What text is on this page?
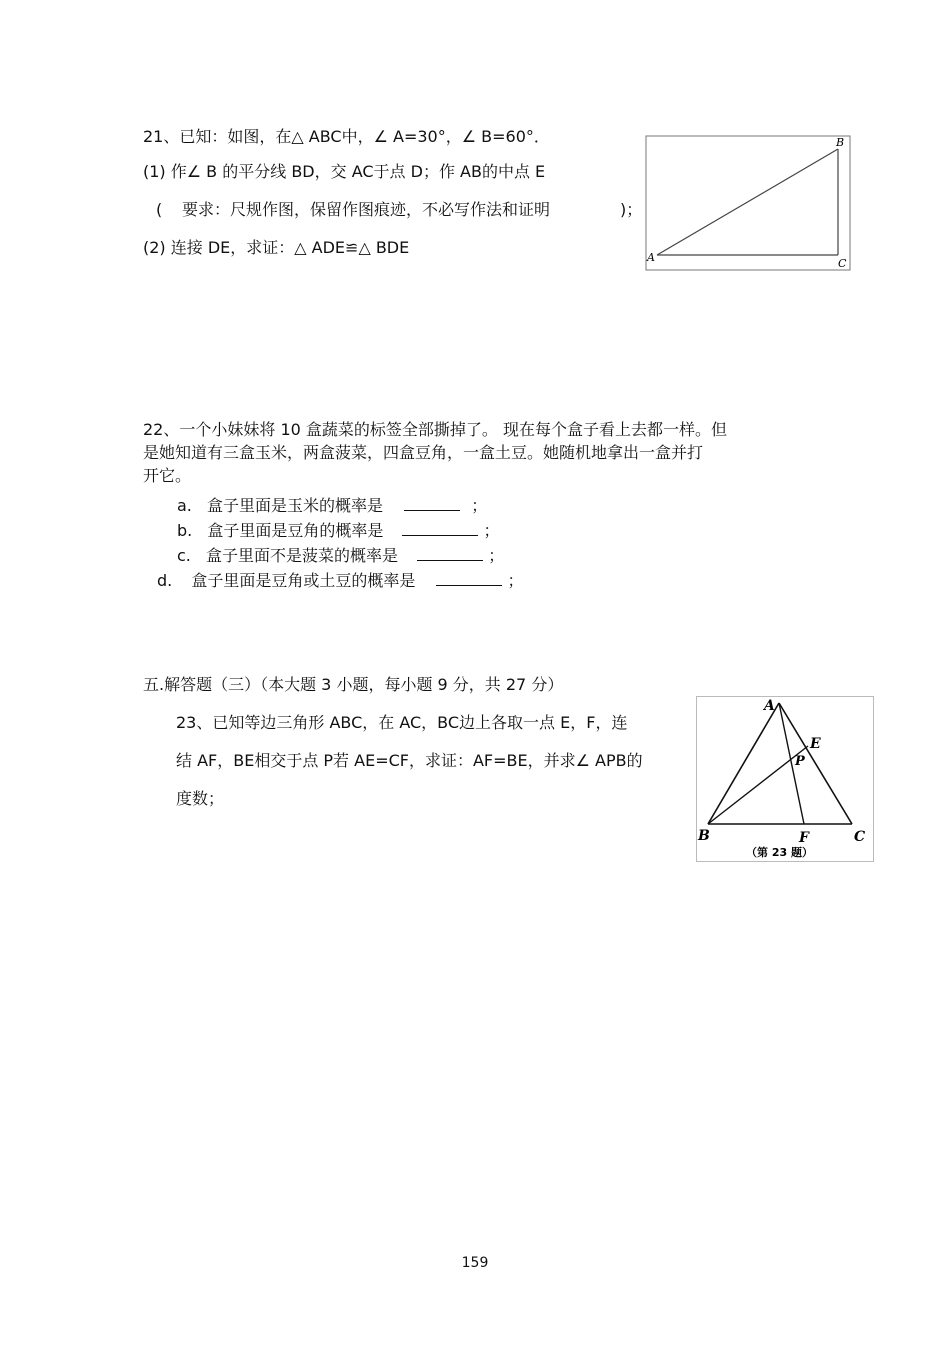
21、已知：如图，在△ ABC中，∠ A=30°，∠ B=60°．
(1) 作∠ B 的平分线 BD，交 AC于点 D；作 AB的中点 E
( 要求：尺规作图，保留作图痕迹，不必写作法和证明	)；
(2) 连接 DE，求证：△ ADE≌△ BDE
A
B
C
22、一个小妹妹将 10 盒蔬菜的标签全部撕掉了。 现在每个盒子看上去都一样。但
是她知道有三盒玉米，两盒菠菜，四盒豆角，一盒土豆。她随机地拿出一盒并打
开它。
a. 盒子里面是玉米的概率是	；
b. 盒子里面是豆角的概率是	；
c. 盒子里面不是菠菜的概率是	；
d. 盒子里面是豆角或土豆的概率是	；
五.解答题（三）（本大题 3 小题，每小题 9 分，共 27 分）
23、已知等边三角形 ABC，在 AC，BC边上各取一点 E，F，连
结 AF，BE相交于点 P若 AE=CF，求证：AF=BE，并求∠ APB的
度数；
A
E
P
B	F	C
（第 23 题）
159
